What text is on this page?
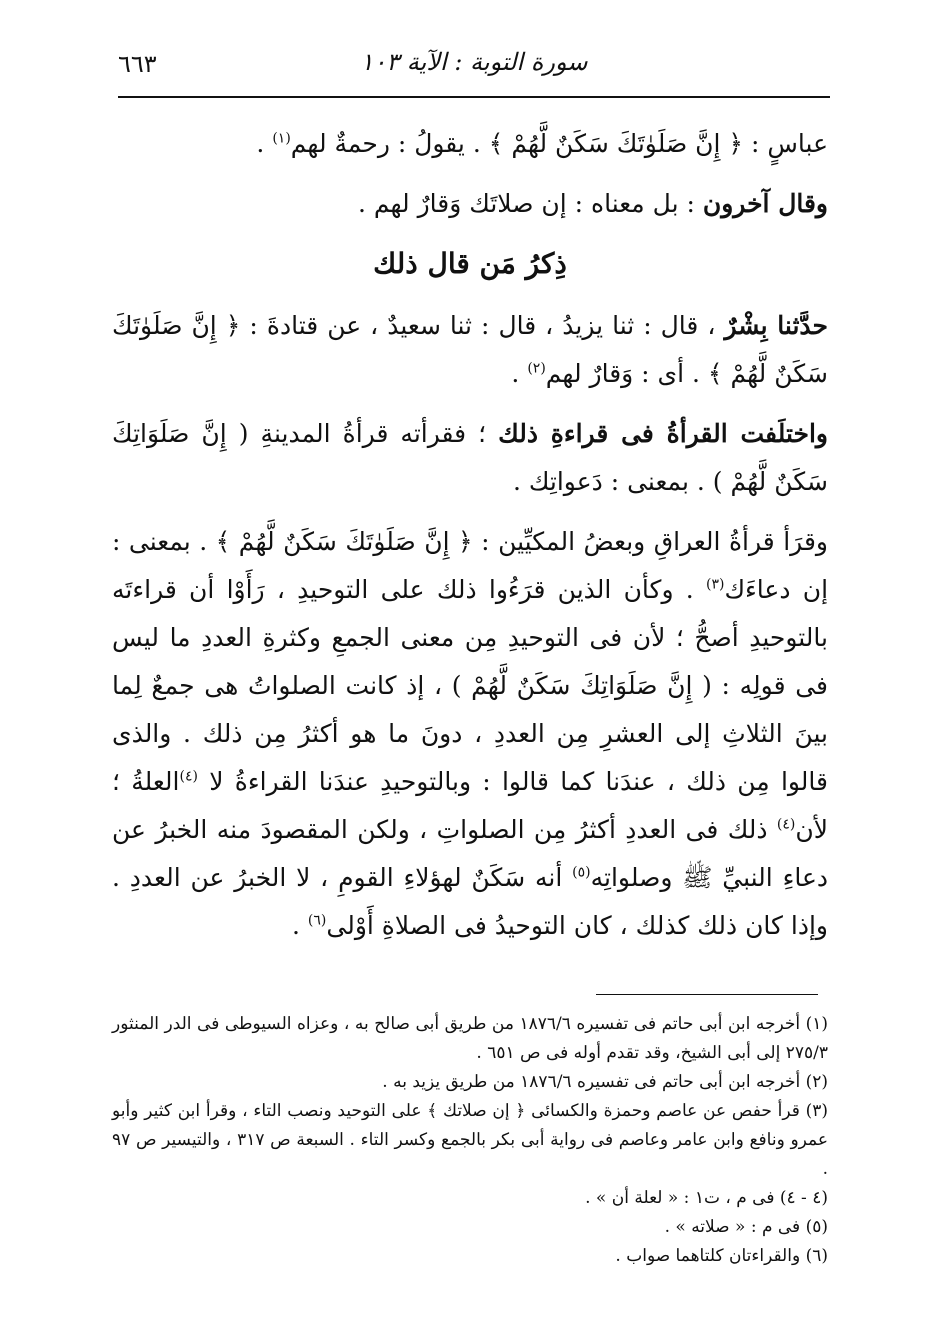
٦٦٣	سورة التوبة : الآية ١٠٣

عباسٍ : ﴿ إِنَّ صَلَوٰتَكَ سَكَنٌ لَّهُمْ ﴾ . يقولُ : رحمةٌ لهم$^{(١)}$ .

وقال آخرون : بل معناه : إن صلاتَك وَقارٌ لهم .

ذِكرُ مَن قال ذلك

حدَّثنا بِشْرٌ ، قال : ثنا يزيدُ ، قال : ثنا سعيدٌ ، عن قتادةَ : ﴿ إِنَّ صَلَوٰتَكَ سَكَنٌ لَّهُمْ ﴾ . أى : وَقارٌ لهم$^{(٢)}$ .

واختلَفت القرأةُ فى قراءةِ ذلك ؛ فقرأته قرأةُ المدينةِ ( إِنَّ صَلَوَاتِكَ سَكَنٌ لَّهُمْ ) . بمعنى : دَعواتِك .

وقرَأ قرأةُ العراقِ وبعضُ المكيِّين : ﴿ إِنَّ صَلَوٰتَكَ سَكَنٌ لَّهُمْ ﴾ . بمعنى : إن دعاءَك$^{(٣)}$ . وكأن الذين قرَءُوا ذلك على التوحيدِ ، رَأَوْا أن قراءتَه بالتوحيدِ أصحُّ ؛ لأن فى التوحيدِ مِن معنى الجمعِ وكثرةِ العددِ ما ليس فى قولِه : ( إِنَّ صَلَوَاتِكَ سَكَنٌ لَّهُمْ ) ، إذ كانت الصلواتُ هى جمعٌ لِما بينَ الثلاثِ إلى العشرِ مِن العددِ ، دونَ ما هو أكثرُ مِن ذلك . والذى قالوا مِن ذلك ، عندَنا كما قالوا : وبالتوحيدِ عندَنا القراءةُ لا $^{(٤)}$العلةُ ؛ لأن$^{(٤)}$ ذلك فى العددِ أكثرُ مِن الصلواتِ ، ولكن المقصودَ منه الخبرُ عن دعاءِ النبيِّ ﷺ وصلواتِه$^{(٥)}$ أنه سَكَنٌ لهؤلاءِ القومِ ، لا الخبرُ عن العددِ . وإذا كان ذلك كذلك ، كان التوحيدُ فى الصلاةِ أَوْلى$^{(٦)}$ .

(١) أخرجه ابن أبى حاتم فى تفسيره ١٨٧٦/٦ من طريق أبى صالح به ، وعزاه السيوطى فى الدر المنثور ٢٧٥/٣ إلى أبى الشيخ، وقد تقدم أوله فى ص ٦٥١ .

(٢) أخرجه ابن أبى حاتم فى تفسيره ١٨٧٦/٦ من طريق يزيد به .

(٣) قرأ حفص عن عاصم وحمزة والكسائى ﴿ إن صلاتك ﴾ على التوحيد ونصب التاء ، وقرأ ابن كثير وأبو عمرو ونافع وابن عامر وعاصم فى رواية أبى بكر بالجمع وكسر التاء . السبعة ص ٣١٧ ، والتيسير ص ٩٧ .

(٤ - ٤) فى م ، ت١ : « لعلة أن » .

(٥) فى م : « صلاته » .

(٦) والقراءتان كلتاهما صواب .
